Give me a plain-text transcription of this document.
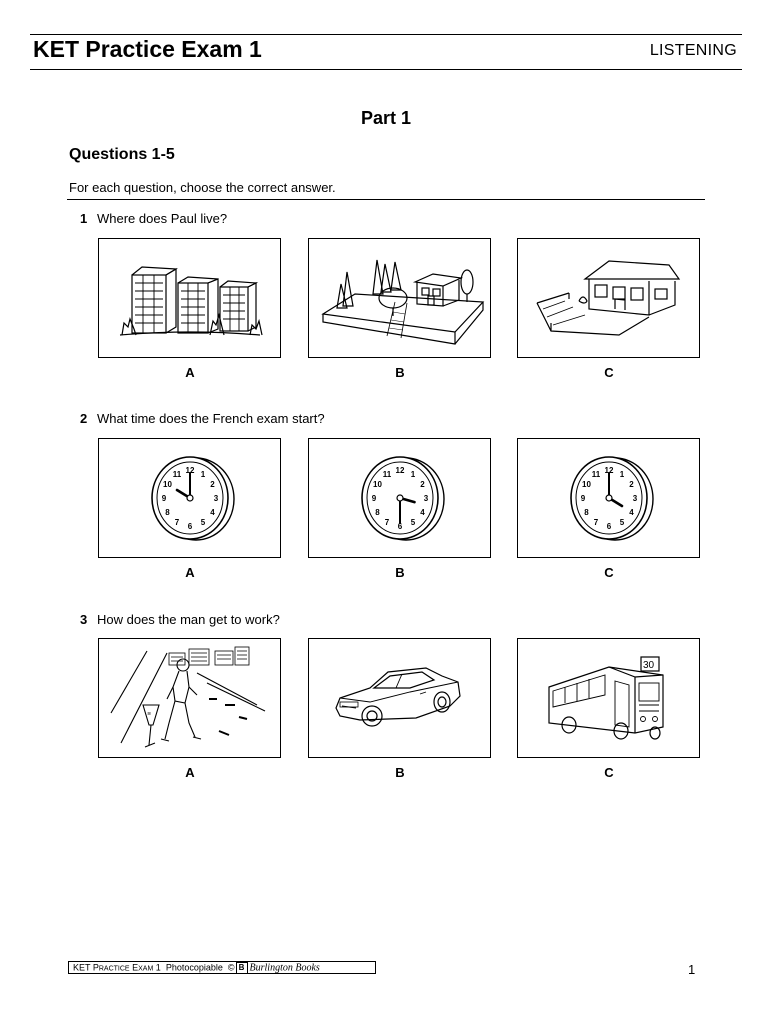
KET Practice Exam 1	LISTENING
Part 1
Questions 1-5
For each question, choose the correct answer.
1 Where does Paul live?
A	B	C
2 What time does the French exam start?
1
2
3
4
5
6
7
8
9
10
11 12	1
2
3
4
5
6
7
8
9
10
11 12	1
2
3
4
5
6
7
8
9
10
11 12
A	B	C
3 How does the man get to work?
≋
30
A	B	C
KET PRACTICE EXAM 1 Photocopiable © B Burlington Books	1
